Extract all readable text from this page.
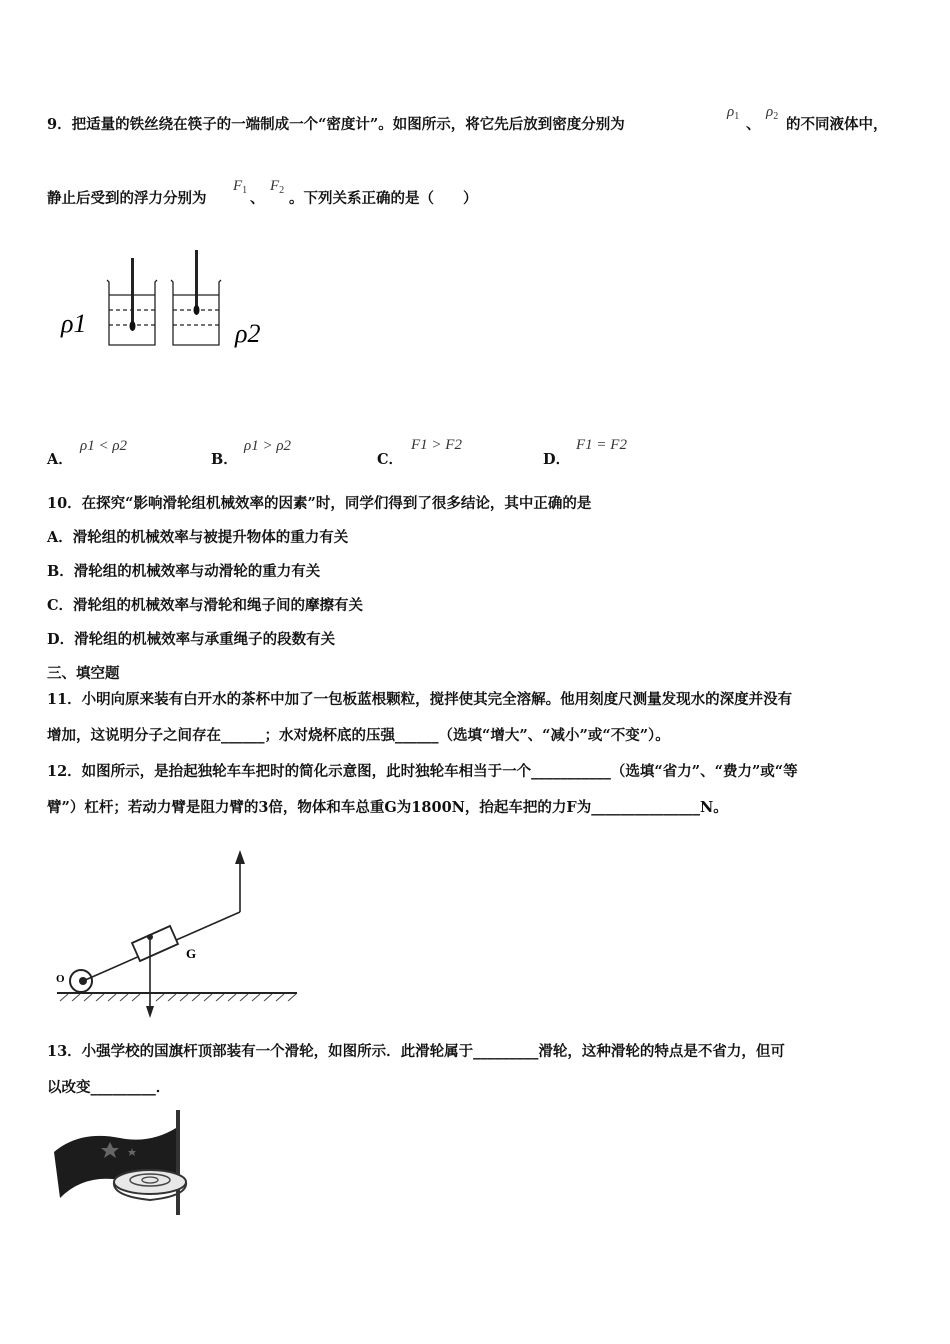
9．把适量的铁丝绕在筷子的一端制成一个“密度计”。如图所示，将它先后放到密度分别为
$\rho_1$ 、
$\rho_2$ 的不同液体中，
静止后受到的浮力分别为
$F_1$ 、
$F_2$ 。下列关系正确的是（　　）
ρ1	ρ2
A．
ρ1 < ρ2
B．
ρ1 > ρ2
C．
F1 > F2
D．
F1 = F2
10．在探究“影响滑轮组机械效率的因素”时，同学们得到了很多结论，其中正确的是
A．滑轮组的机械效率与被提升物体的重力有关
B．滑轮组的机械效率与动滑轮的重力有关
C．滑轮组的机械效率与滑轮和绳子间的摩擦有关
D．滑轮组的机械效率与承重绳子的段数有关
三、填空题
11．小明向原来装有白开水的茶杯中加了一包板蓝根颗粒，搅拌使其完全溶解。他用刻度尺测量发现水的深度并没有
增加，这说明分子之间存在______；水对烧杯底的压强______（选填“增大”、“减小”或“不变”）。
12．如图所示，是抬起独轮车车把时的简化示意图，此时独轮车相当于一个___________（选填“省力”、“费力”或“等
臂”）杠杆；若动力臂是阻力臂的3倍，物体和车总重G为1800N，抬起车把的力F为_______________N。
O
G
13．小强学校的国旗杆顶部装有一个滑轮，如图所示．此滑轮属于_________滑轮，这种滑轮的特点是不省力，但可
以改变_________．
